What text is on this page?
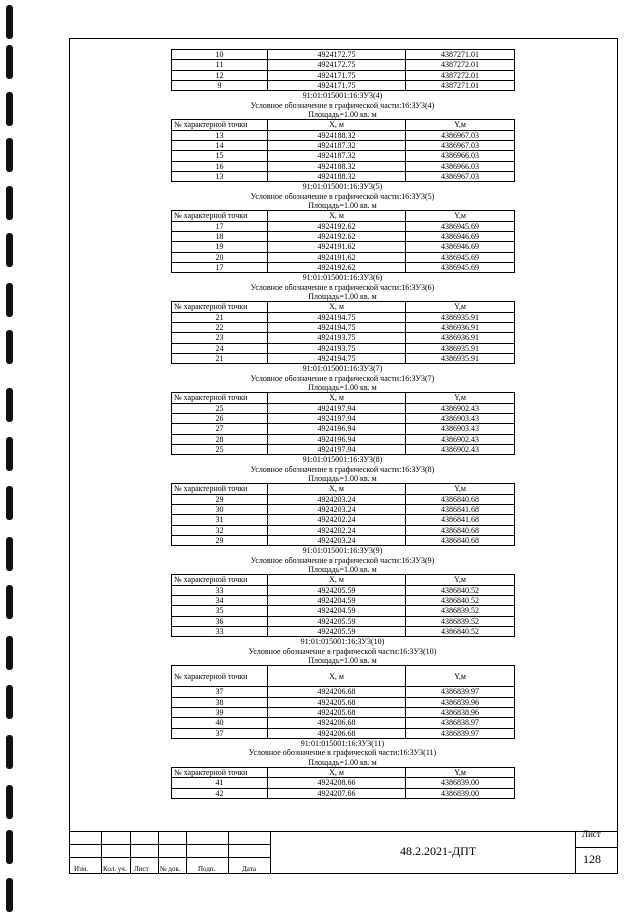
10	4924172.75	4387271.01
11	4924172.75	4387272.01
12	4924171.75	4387272.01
9	4924171.75	4387271.01
91:01:015001:16:ЗУ3(4)
Условное обозначение в графической части:16:ЗУ3(4)
Площадь=1.00 кв. м
№ характерной точки	X, м	Y,м
13	4924188.32	4386967.03
14	4924187.32	4386967.03
15	4924187.32	4386966.03
16	4924188.32	4386966.03
13	4924188.32	4386967.03
91:01:015001:16:ЗУ3(5)
Условное обозначение в графической части:16:ЗУ3(5)
Площадь=1.00 кв. м
№ характерной точки	X, м	Y,м
17	4924192.62	4386945.69
18	4924192.62	4386946.69
19	4924191.62	4386946.69
20	4924191.62	4386945.69
17	4924192.62	4386945.69
91:01:015001:16:ЗУ3(6)
Условное обозначение в графической части:16:ЗУ3(6)
Площадь=1.00 кв. м
№ характерной точки	X, м	Y,м
21	4924194.75	4386935.91
22	4924194.75	4386936.91
23	4924193.75	4386936.91
24	4924193.75	4386935.91
21	4924194.75	4386935.91
91:01:015001:16:ЗУ3(7)
Условное обозначение в графической части:16:ЗУ3(7)
Площадь=1.00 кв. м
№ характерной точки	X, м	Y,м
25	4924197.94	4386902.43
26	4924197.94	4386903.43
27	4924196.94	4386903.43
28	4924196.94	4386902.43
25	4924197.94	4386902.43
91:01:015001:16:ЗУ3(8)
Условное обозначение в графической части:16:ЗУ3(8)
Площадь=1.00 кв. м
№ характерной точки	X, м	Y,м
29	4924203.24	4386840.68
30	4924203.24	4386841.68
31	4924202.24	4386841.68
32	4924202.24	4386840.68
29	4924203.24	4386840.68
91:01:015001:16:ЗУ3(9)
Условное обозначение в графической части:16:ЗУ3(9)
Площадь=1.00 кв. м
№ характерной точки	X, м	Y,м
33	4924205.59	4386840.52
34	4924204.59	4386840.52
35	4924204.59	4386839.52
36	4924205.59	4386839.52
33	4924205.59	4386840.52
91:01:015001:16:ЗУ3(10)
Условное обозначение в графической части:16:ЗУ3(10)
Площадь=1.00 кв. м
№ характерной точки	X, м	Y,м
37	4924206.68	4386839.97
38	4924205.68	4386839.96
39	4924205.68	4386838.96
40	4924206.68	4386838.97
37	4924206.68	4386839.97
91:01:015001:16:ЗУ3(11)
Условное обозначение в графической части:16:ЗУ3(11)
Площадь=1.00 кв. м
№ характерной точки	X, м	Y,м
41	4924208.66	4386839.00
42	4924207.66	4386839.00
Изм. Кол. уч. Лист № док. Подп.	Дата
48.2.2021-ДПТ
Лист
128
